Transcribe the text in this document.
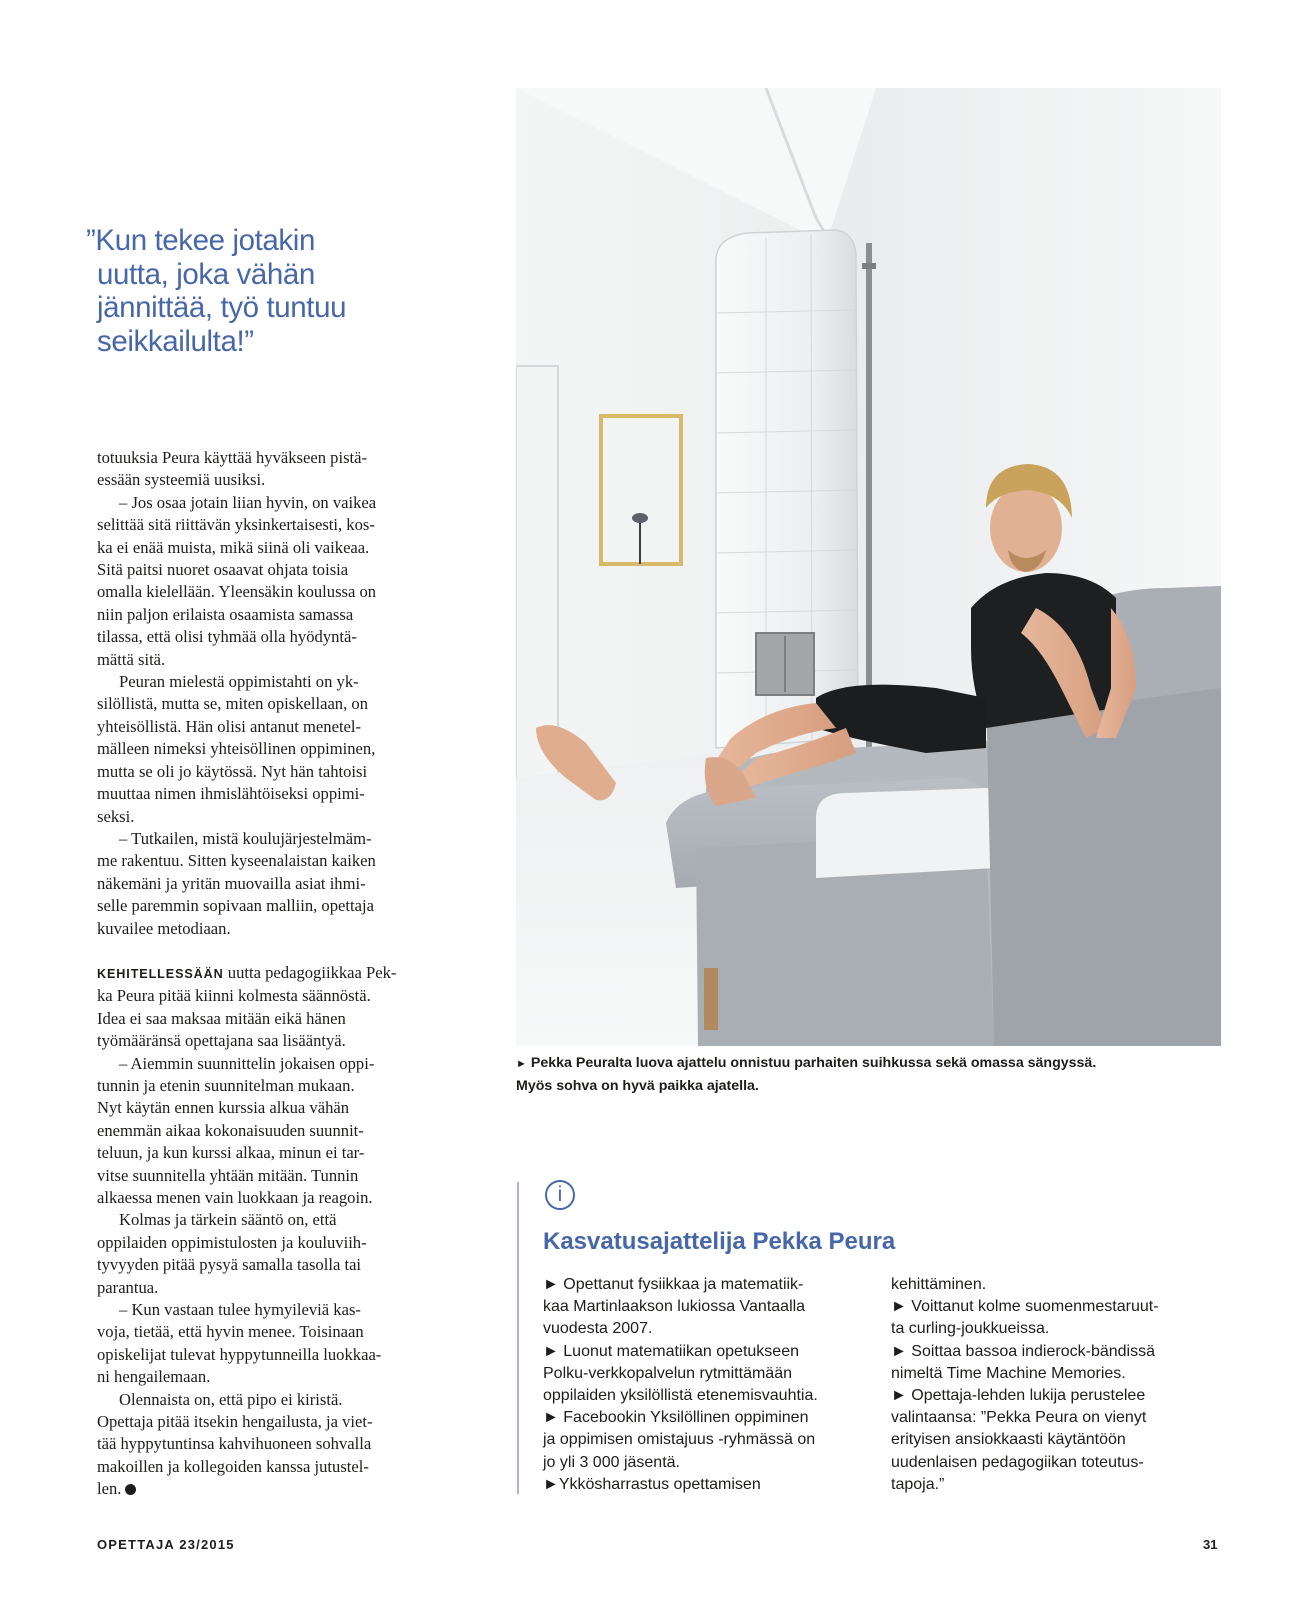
”Kun tekee jotakin

uutta, joka vähän

jännittää, työ tuntuu

seikkailulta!”

totuuksia Peura käyttää hyväkseen pistä-

essään systeemiä uusiksi.

– Jos osaa jotain liian hyvin, on vaikea

selittää sitä riittävän yksinkertaisesti, kos-

ka ei enää muista, mikä siinä oli vaikeaa.

Sitä paitsi nuoret osaavat ohjata toisia

omalla kielellään. Yleensäkin koulussa on

niin paljon erilaista osaamista samassa

tilassa, että olisi tyhmää olla hyödyntä-

mättä sitä.

Peuran mielestä oppimistahti on yk-

silöllistä, mutta se, miten opiskellaan, on

yhteisöllistä. Hän olisi antanut menetel-

mälleen nimeksi yhteisöllinen oppiminen,

mutta se oli jo käytössä. Nyt hän tahtoisi

muuttaa nimen ihmislähtöiseksi oppimi-

seksi.

– Tutkailen, mistä koulujärjestelmäm-

me rakentuu. Sitten kyseenalaistan kaiken

näkemäni ja yritän muovailla asiat ihmi-

selle paremmin sopivaan malliin, opettaja

kuvailee metodiaan.

KEHITELLESSÄÄN uutta pedagogiikkaa Pek-

ka Peura pitää kiinni kolmesta säännöstä.

Idea ei saa maksaa mitään eikä hänen

työmääränsä opettajana saa lisääntyä.

– Aiemmin suunnittelin jokaisen oppi-

tunnin ja etenin suunnitelman mukaan.

Nyt käytän ennen kurssia alkua vähän

enemmän aikaa kokonaisuuden suunnit-

teluun, ja kun kurssi alkaa, minun ei tar-

vitse suunnitella yhtään mitään. Tunnin

alkaessa menen vain luokkaan ja reagoin.

Kolmas ja tärkein sääntö on, että

oppilaiden oppimistulosten ja kouluviih-

tyvyyden pitää pysyä samalla tasolla tai

parantua.

– Kun vastaan tulee hymyileviä kas-

voja, tietää, että hyvin menee. Toisinaan

opiskelijat tulevat hyppytunneilla luokkaa-

ni hengailemaan.

Olennaista on, että pipo ei kiristä.

Opettaja pitää itsekin hengailusta, ja viet-

tää hyppytuntinsa kahvihuoneen sohvalla

makoillen ja kollegoiden kanssa jutustel-

len.

► Pekka Peuralta luova ajattelu onnistuu parhaiten suihkussa sekä omassa sängyssä.

Myös sohva on hyvä paikka ajatella.

i
Kasvatusajattelija Pekka Peura

► Opettanut fysiikkaa ja matematiik-

kaa Martinlaakson lukiossa Vantaalla

vuodesta 2007.

► Luonut matematiikan opetukseen

Polku-verkkopalvelun rytmittämään

oppilaiden yksilöllistä etenemisvauhtia.

► Facebookin Yksilöllinen oppiminen

ja oppimisen omistajuus -ryhmässä on

jo yli 3 000 jäsentä.

►Ykkösharrastus opettamisen

kehittäminen.

► Voittanut kolme suomenmestaruut-

ta curling-joukkueissa.

► Soittaa bassoa indierock-bändissä

nimeltä Time Machine Memories.

► Opettaja-lehden lukija perustelee

valintaansa: ”Pekka Peura on vienyt

erityisen ansiokkaasti käytäntöön

uudenlaisen pedagogiikan toteutus-

tapoja.”

OPETTAJA 23/2015	31
